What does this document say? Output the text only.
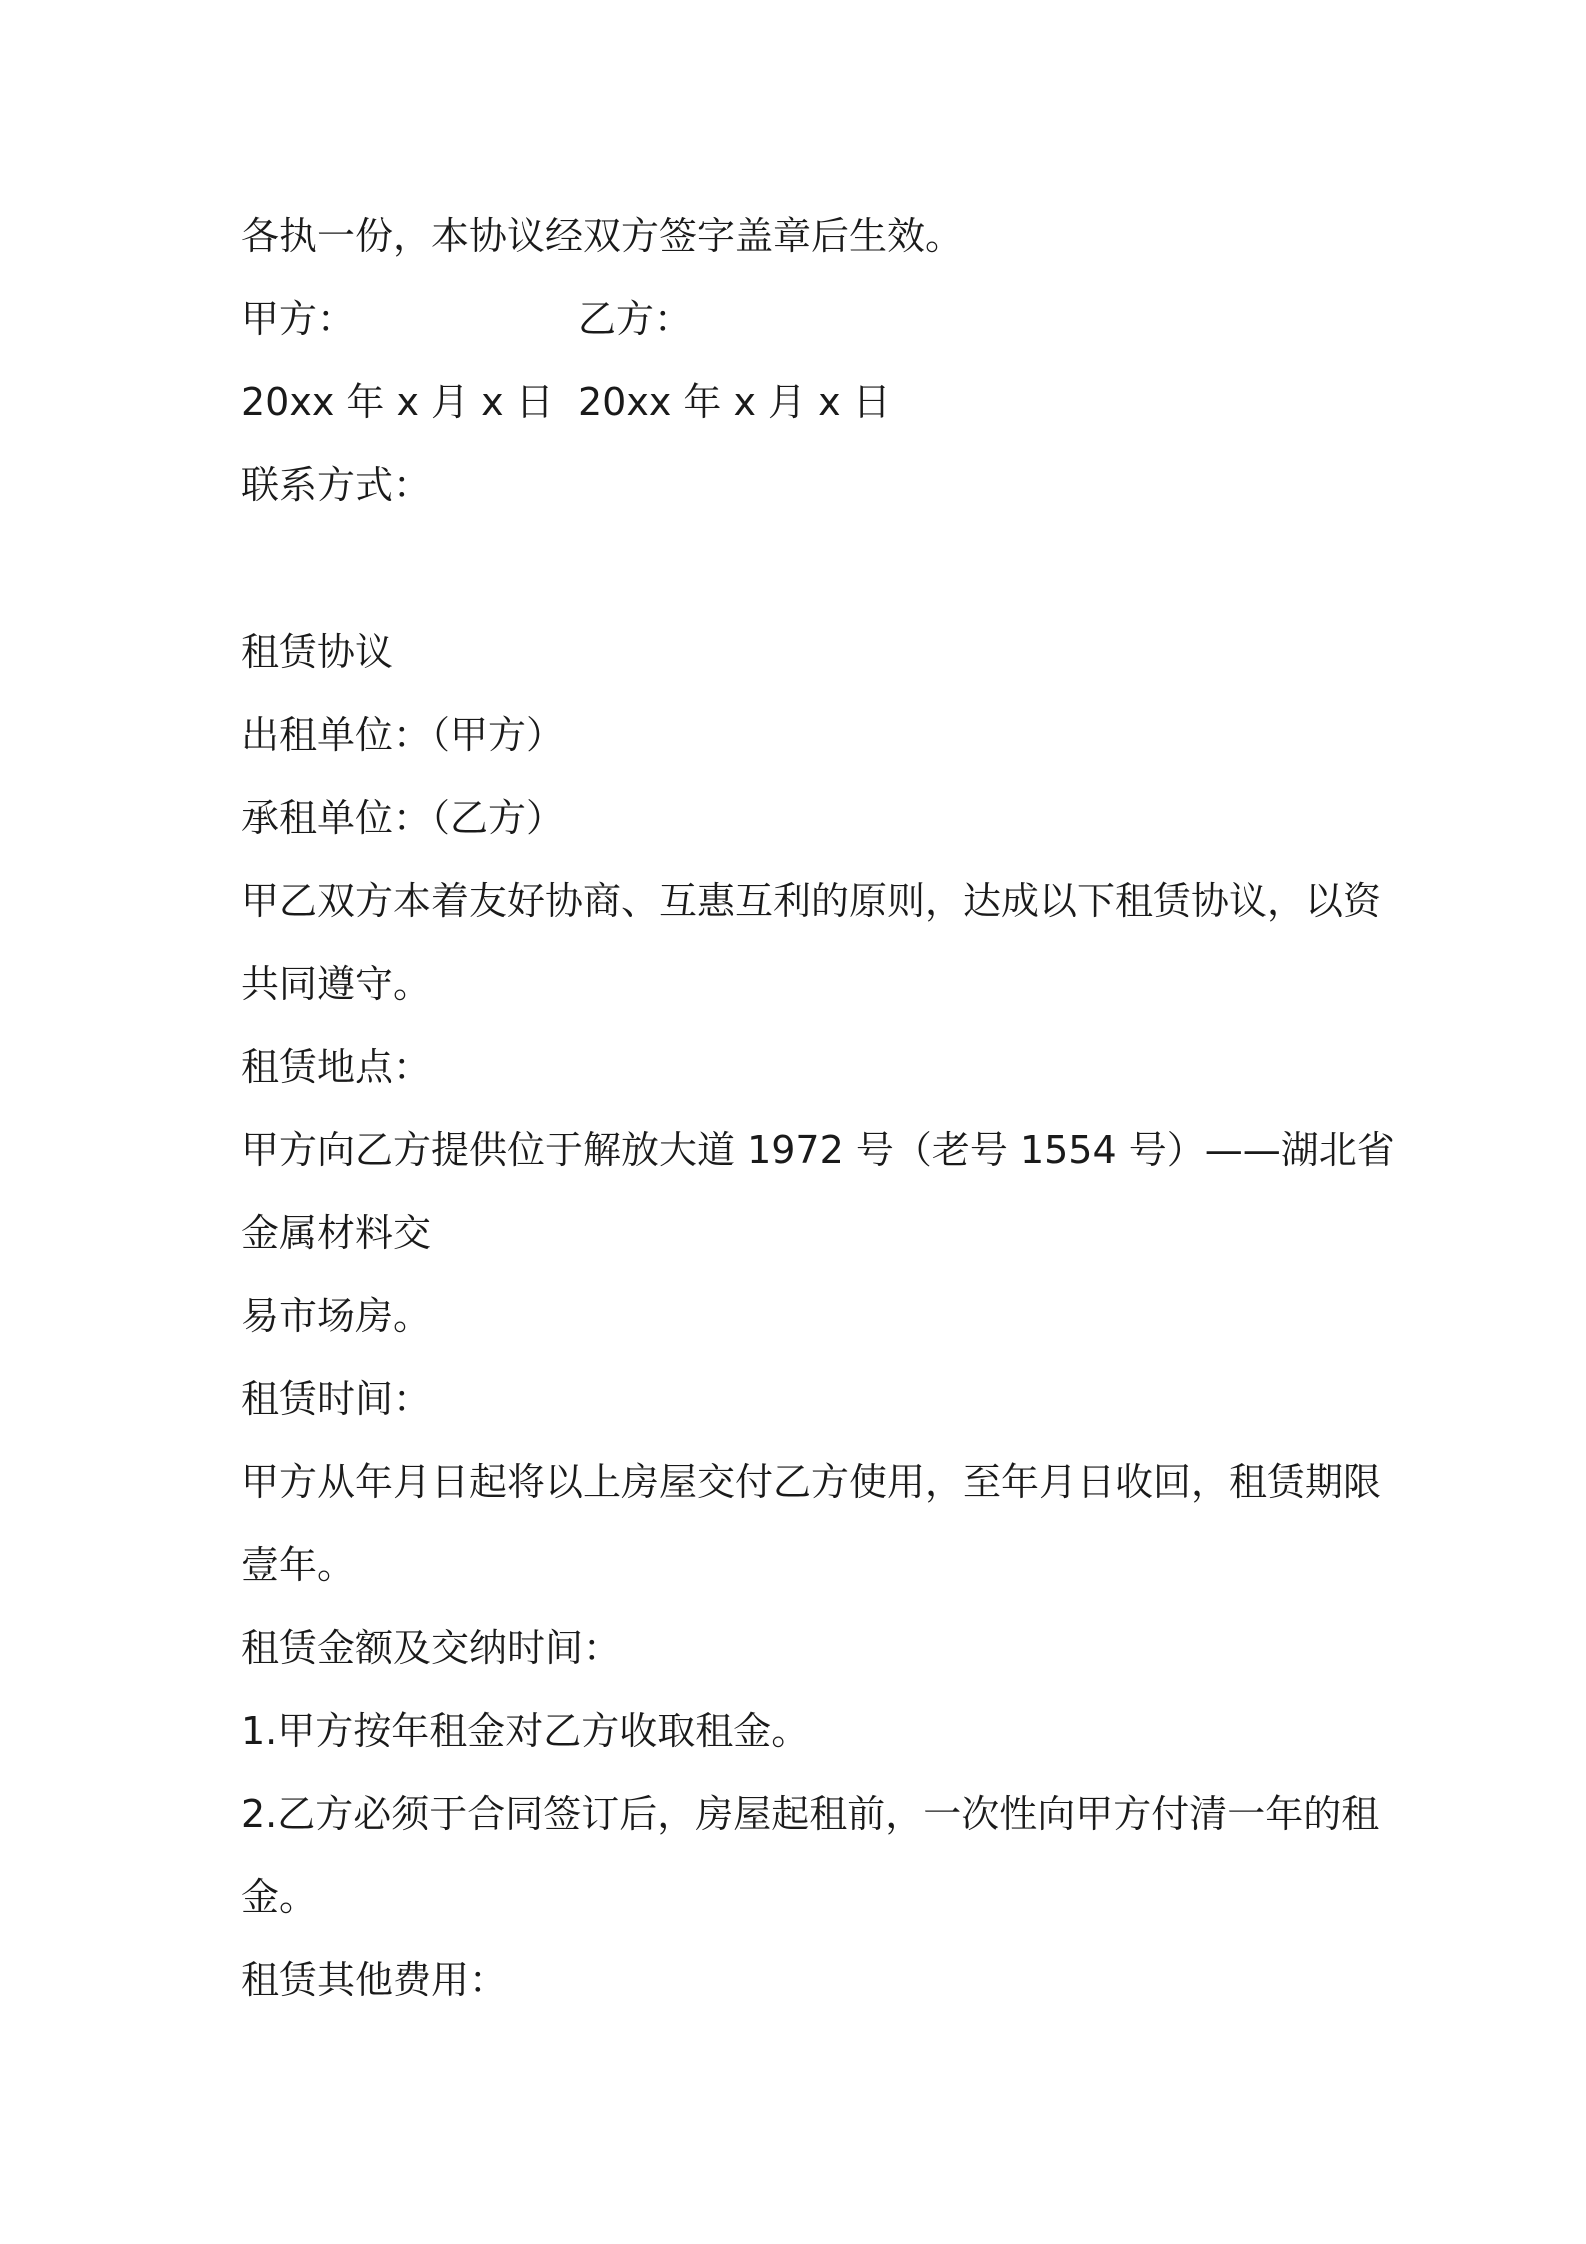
各执一份，本协议经双方签字盖章后生效。
甲方：	乙方：
20xx 年 x 月 x 日 20xx 年 x 月 x 日
联系方式：
租赁协议
出租单位：（甲方）
承租单位：（乙方）
甲乙双方本着友好协商、互惠互利的原则，达成以下租赁协议，以资
共同遵守。
租赁地点：
甲方向乙方提供位于解放大道 1972 号（老号 1554 号）——湖北省
金属材料交
易市场房。
租赁时间：
甲方从年月日起将以上房屋交付乙方使用，至年月日收回，租赁期限
壹年。
租赁金额及交纳时间：
1.甲方按年租金对乙方收取租金。
2.乙方必须于合同签订后，房屋起租前，一次性向甲方付清一年的租
金。
租赁其他费用：
